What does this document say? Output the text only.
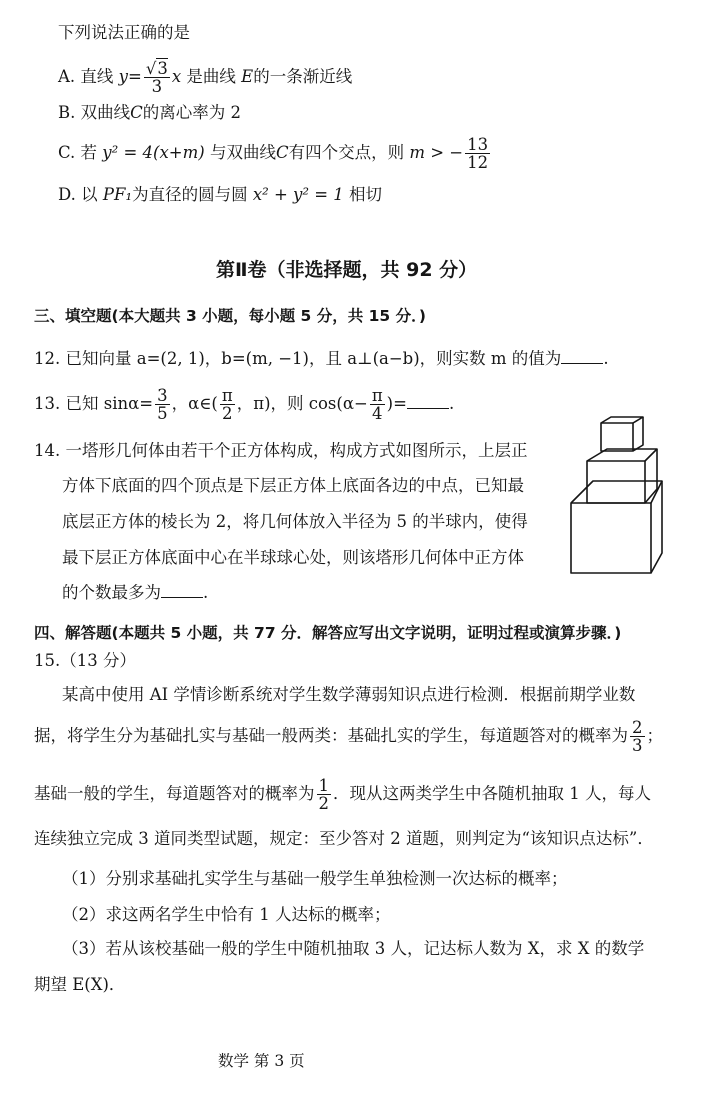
下列说法正确的是
A. 直线 $y= \frac{√3}{3}$ x 是曲线 E的一条渐近线
B. 双曲线C的离心率为 2
C. 若 y² = 4(x+m) 与双曲线C有四个交点，则 m > − $\frac{13}{12}$
D. 以 PF₁为直径的圆与圆 x² + y² = 1 相切
第Ⅱ卷（非选择题，共 92 分）
三、填空题(本大题共 3 小题，每小题 5 分，共 15 分．)
12. 已知向量 a=(2, 1)，b=(m, −1)，且 a⊥(a−b)，则实数 m 的值为	.
13. 已知 $\sin\alpha= \frac{3}{5}$ ，α∈( $\frac{\pi}{2}$ ，π)，则 $\cos(\alpha- \frac{\pi}{4}$ )=	.
14. 一塔形几何体由若干个正方体构成，构成方式如图所示，上层正
方体下底面的四个顶点是下层正方体上底面各边的中点，已知最
底层正方体的棱长为 2，将几何体放入半径为 5 的半球内，使得
最下层正方体底面中心在半球球心处，则该塔形几何体中正方体
的个数最多为	.
四、解答题(本题共 5 小题，共 77 分．解答应写出文字说明，证明过程或演算步骤．)
15.（13 分）
某高中使用 AI 学情诊断系统对学生数学薄弱知识点进行检测．根据前期学业数
据，将学生分为基础扎实与基础一般两类：基础扎实的学生，每道题答对的概率为 $\frac{2}{3}$ ；
基础一般的学生，每道题答对的概率为 $\frac{1}{2}$ ．现从这两类学生中各随机抽取 1 人，每人
连续独立完成 3 道同类型试题，规定：至少答对 2 道题，则判定为“该知识点达标”．
（1）分别求基础扎实学生与基础一般学生单独检测一次达标的概率；
（2）求这两名学生中恰有 1 人达标的概率；
（3）若从该校基础一般的学生中随机抽取 3 人，记达标人数为 X，求 X 的数学
期望 E(X)．
数学 第 3 页
